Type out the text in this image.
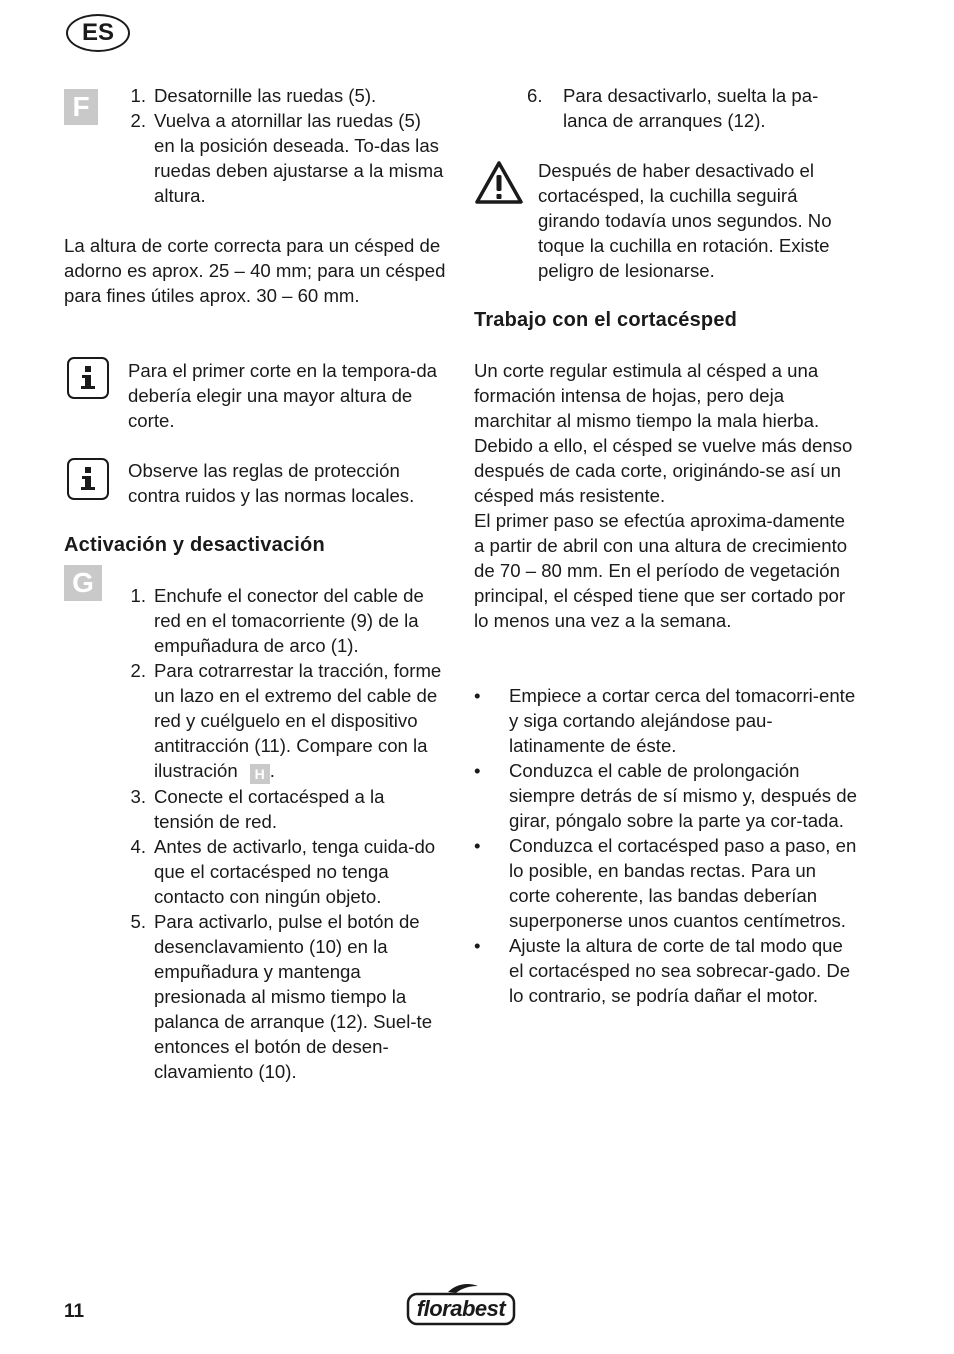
ES
F	1. Desatornille las ruedas (5).
2. Vuelva a atornillar las ruedas (5) en la posición deseada. To-das las ruedas deben ajustarse a la misma altura.

La altura de corte correcta para un césped de adorno es aprox. 25 – 40 mm; para un césped para fines útiles aprox. 30 – 60 mm.

Para el primer corte en la tempora-da debería elegir una mayor altura de corte.

Observe las reglas de protección contra ruidos y las normas locales.

Activación y desactivación
G	1. Enchufe el conector del cable de red en el tomacorriente (9) de la empuñadura de arco (1).
2. Para cotrarrestar la tracción, forme un lazo en el extremo del cable de red y cuélguelo en el dispositivo antitracción (11). Compare con la ilustración H .
3. Conecte el cortacésped a la tensión de red.
4. Antes de activarlo, tenga cuida-do que el cortacésped no tenga contacto con ningún objeto.
5. Para activarlo, pulse el botón de desenclavamiento (10) en la empuñadura y mantenga presionada al mismo tiempo la palanca de arranque (12). Suel-te entonces el botón de desen-clavamiento (10).
6. Para desactivarlo, suelta la pa-lanca de arranques (12).

Después de haber desactivado el cortacésped, la cuchilla seguirá girando todavía unos segundos. No toque la cuchilla en rotación. Existe peligro de lesionarse.

Trabajo con el cortacésped

Un corte regular estimula al césped a una formación intensa de hojas, pero deja marchitar al mismo tiempo la mala hierba. Debido a ello, el césped se vuelve más denso después de cada corte, originándo-se así un césped más resistente.

El primer paso se efectúa aproxima-damente a partir de abril con una altura de crecimiento de 70 – 80 mm. En el período de vegetación principal, el césped tiene que ser cortado por lo menos una vez a la semana.

• Empiece a cortar cerca del tomacorri-ente y siga cortando alejándose pau-latinamente de éste.
• Conduzca el cable de prolongación siempre detrás de sí mismo y, después de girar, póngalo sobre la parte ya cor-tada.
• Conduzca el cortacésped paso a paso, en lo posible, en bandas rectas. Para un corte coherente, las bandas deberían superponerse unos cuantos centímetros.
• Ajuste la altura de corte de tal modo que el cortacésped no sea sobrecar-gado. De lo contrario, se podría dañar el motor.
11	florabest
